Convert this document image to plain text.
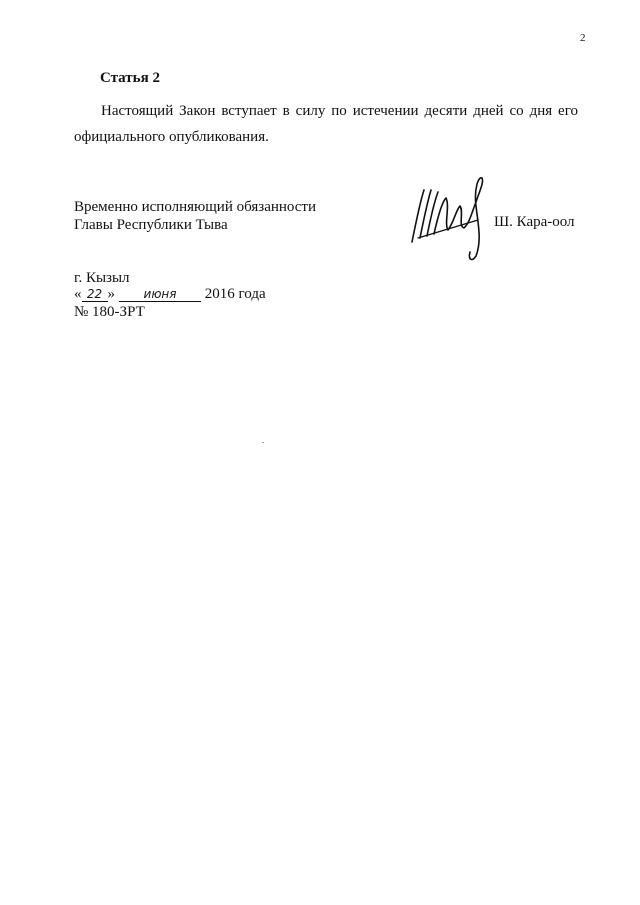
2
Статья 2

Настоящий Закон вступает в силу по истечении десяти дней со дня его официального опубликования.

Временно исполняющий обязанности
Главы Республики Тыва	Ш. Кара-оол
г. Кызыл
« 22 » июня 2016 года
№ 180-ЗРТ
